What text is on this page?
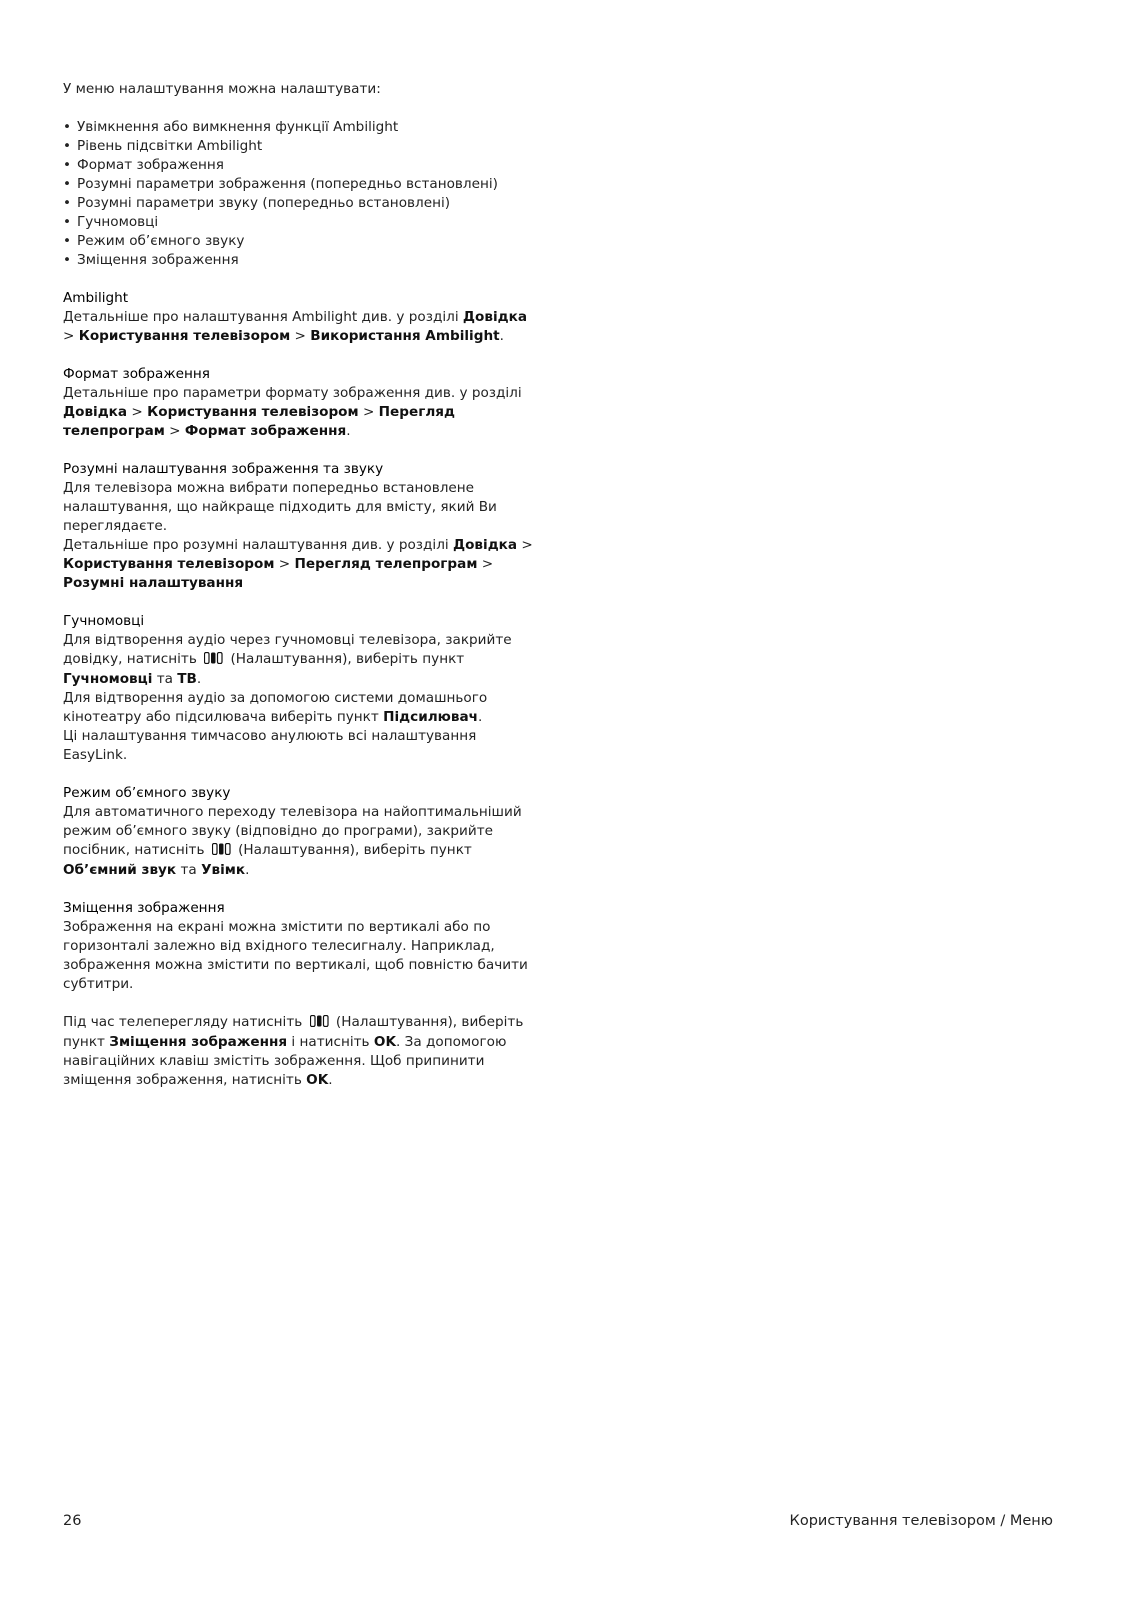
У меню налаштування можна налаштувати:

• Увімкнення або вимкнення функції Ambilight
• Рівень підсвітки Ambilight
• Формат зображення
• Розумні параметри зображення (попередньо встановлені)
• Розумні параметри звуку (попередньо встановлені)
• Гучномовці
• Режим об’ємного звуку
• Зміщення зображення

Ambilight

Детальніше про налаштування Ambilight див. у розділі Довідка > Користування телевізором > Використання Ambilight.

Формат зображення

Детальніше про параметри формату зображення див. у розділі Довідка > Користування телевізором > Перегляд телепрограм > Формат зображення.

Розумні налаштування зображення та звуку

Для телевізора можна вибрати попередньо встановлене налаштування, що найкраще підходить для вмісту, який Ви переглядаєте.

Детальніше про розумні налаштування див. у розділі Довідка > Користування телевізором > Перегляд телепрограм > Розумні налаштування

Гучномовці

Для відтворення аудіо через гучномовці телевізора, закрийте довідку, натисніть  (Налаштування), виберіть пункт Гучномовці та ТВ.

Для відтворення аудіо за допомогою системи домашнього кінотеатру або підсилювача виберіть пункт Підсилювач.

Ці налаштування тимчасово анулюють всі налаштування EasyLink.

Режим об’ємного звуку

Для автоматичного переходу телевізора на найоптимальніший режим об’ємного звуку (відповідно до програми), закрийте посібник, натисніть  (Налаштування), виберіть пункт Об’ємний звук та Увімк.

Зміщення зображення

Зображення на екрані можна змістити по вертикалі або по горизонталі залежно від вхідного телесигналу. Наприклад, зображення можна змістити по вертикалі, щоб повністю бачити субтитри.

Під час телеперегляду натисніть  (Налаштування), виберіть пункт Зміщення зображення і натисніть OK. За допомогою навігаційних клавіш змістіть зображення. Щоб припинити зміщення зображення, натисніть OK.

26	Користування телевізором / Меню
